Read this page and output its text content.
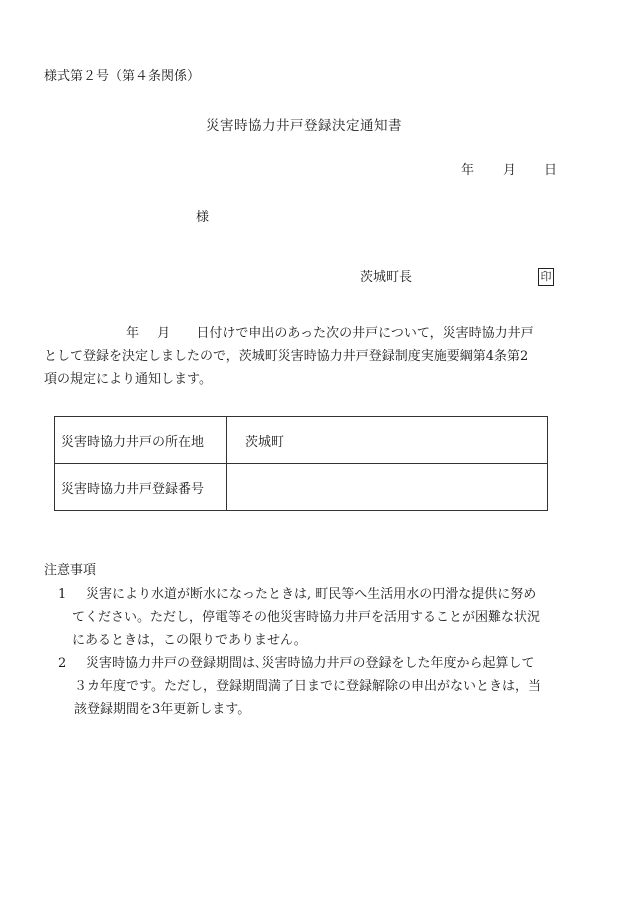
様式第２号（第４条関係）
災害時協力井戸登録決定通知書
年 月 日
様
茨城町長	印
年 月 日付けで申出のあった次の井戸について，災害時協力井戸
として登録を決定しましたので，茨城町災害時協力井戸登録制度実施要綱第4条第2
項の規定により通知します。
災害時協力井戸の所在地	茨城町
災害時協力井戸登録番号	
注意事項
1 災害により水道が断水になったときは, 町民等へ生活用水の円滑な提供に努め
てください。ただし，停電等その他災害時協力井戸を活用することが困難な状況
にあるときは，この限りでありません。
2 災害時協力井戸の登録期間は､災害時協力井戸の登録をした年度から起算して
３カ年度です。ただし，登録期間満了日までに登録解除の申出がないときは，当
該登録期間を3年更新します。
